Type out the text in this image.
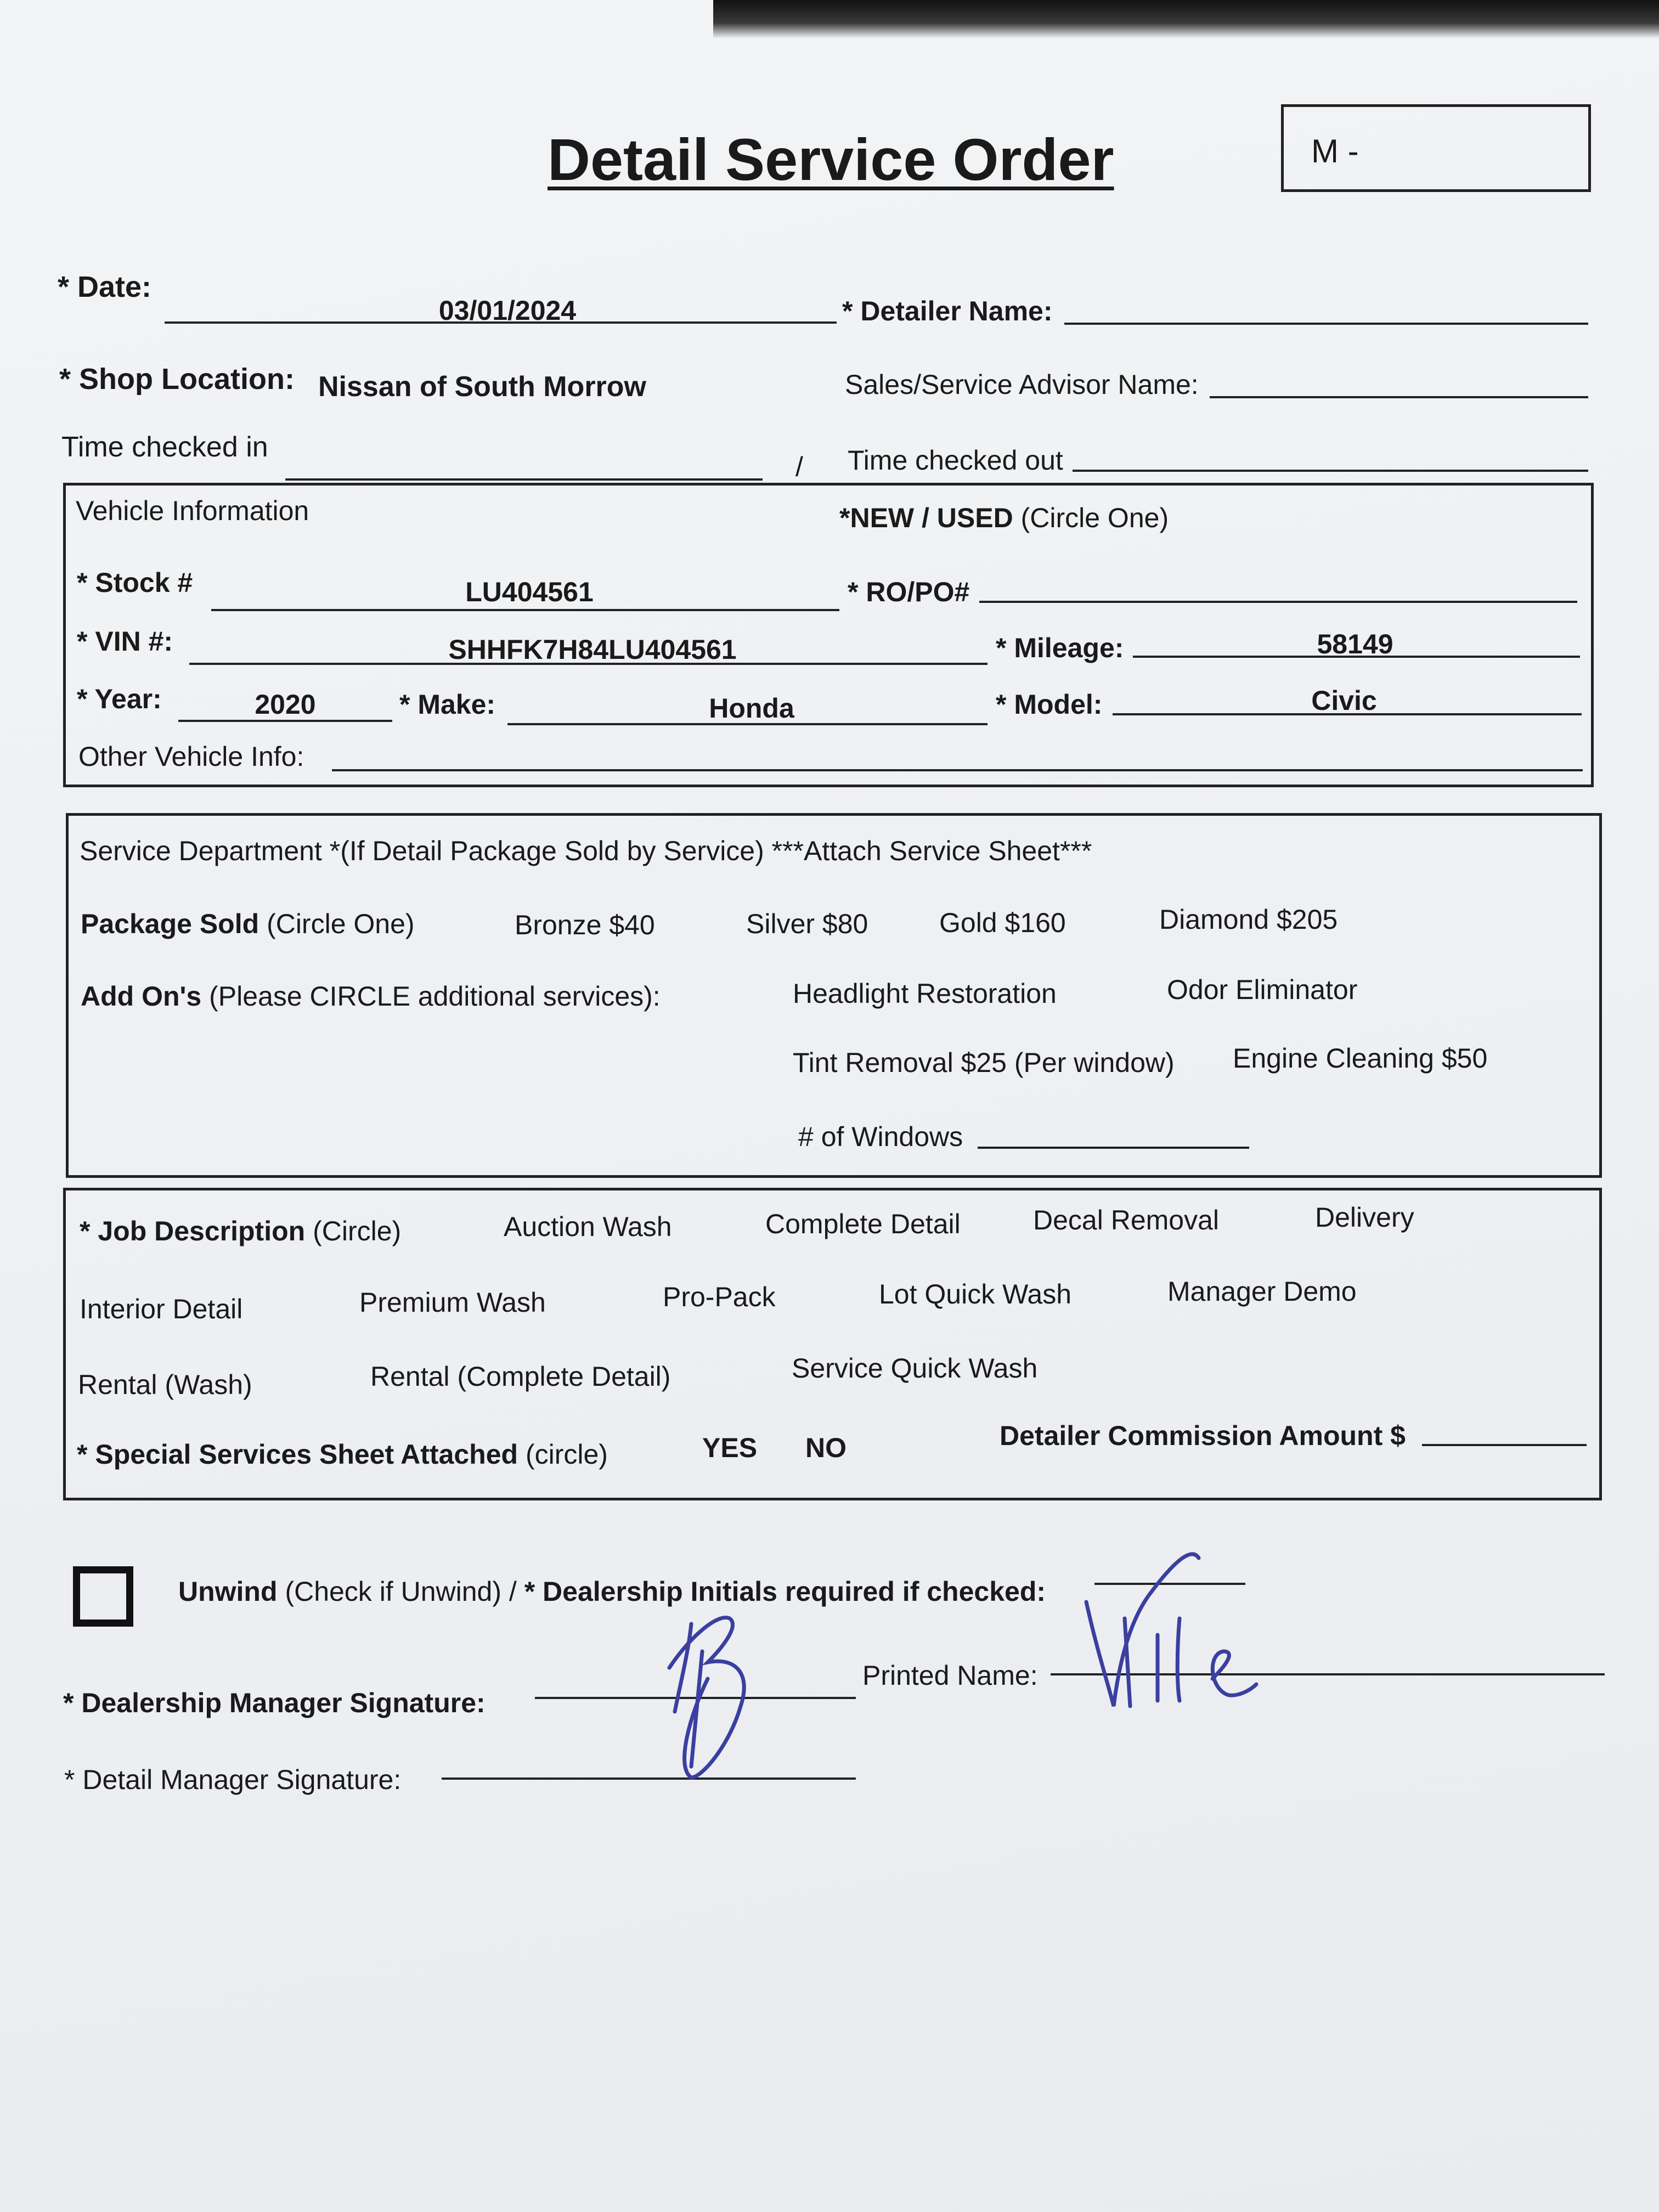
Detail Service Order	M -
* Date:
03/01/2024	* Detailer Name:
* Shop Location: Nissan of South Morrow	Sales/Service Advisor Name:
Time checked in
/ Time checked out
Vehicle Information	*NEW / USED (Circle One)
* Stock #	LU404561	* RO/PO#
* VIN #:	SHHFK7H84LU404561	* Mileage:	58149
* Year:	2020	* Make:	Honda	* Model:	Civic
Other Vehicle Info:
Service Department *(If Detail Package Sold by Service) ***Attach Service Sheet***
Package Sold (Circle One)	Bronze $40	Silver $80	Gold $160	Diamond $205
Add On's (Please CIRCLE additional services):	Headlight Restoration	Odor Eliminator
Tint Removal $25 (Per window) Engine Cleaning $50
# of Windows
* Job Description (Circle)	Auction Wash	Complete Detail	Decal Removal	Delivery
Interior Detail	Premium Wash	Pro-Pack	Lot Quick Wash	Manager Demo
Rental (Wash)	Rental (Complete Detail)	Service Quick Wash
* Special Services Sheet Attached (circle)	YES NO	Detailer Commission Amount $
Unwind (Check if Unwind) / * Dealership Initials required if checked:
* Dealership Manager Signature:
Printed Name:
* Detail Manager Signature:
